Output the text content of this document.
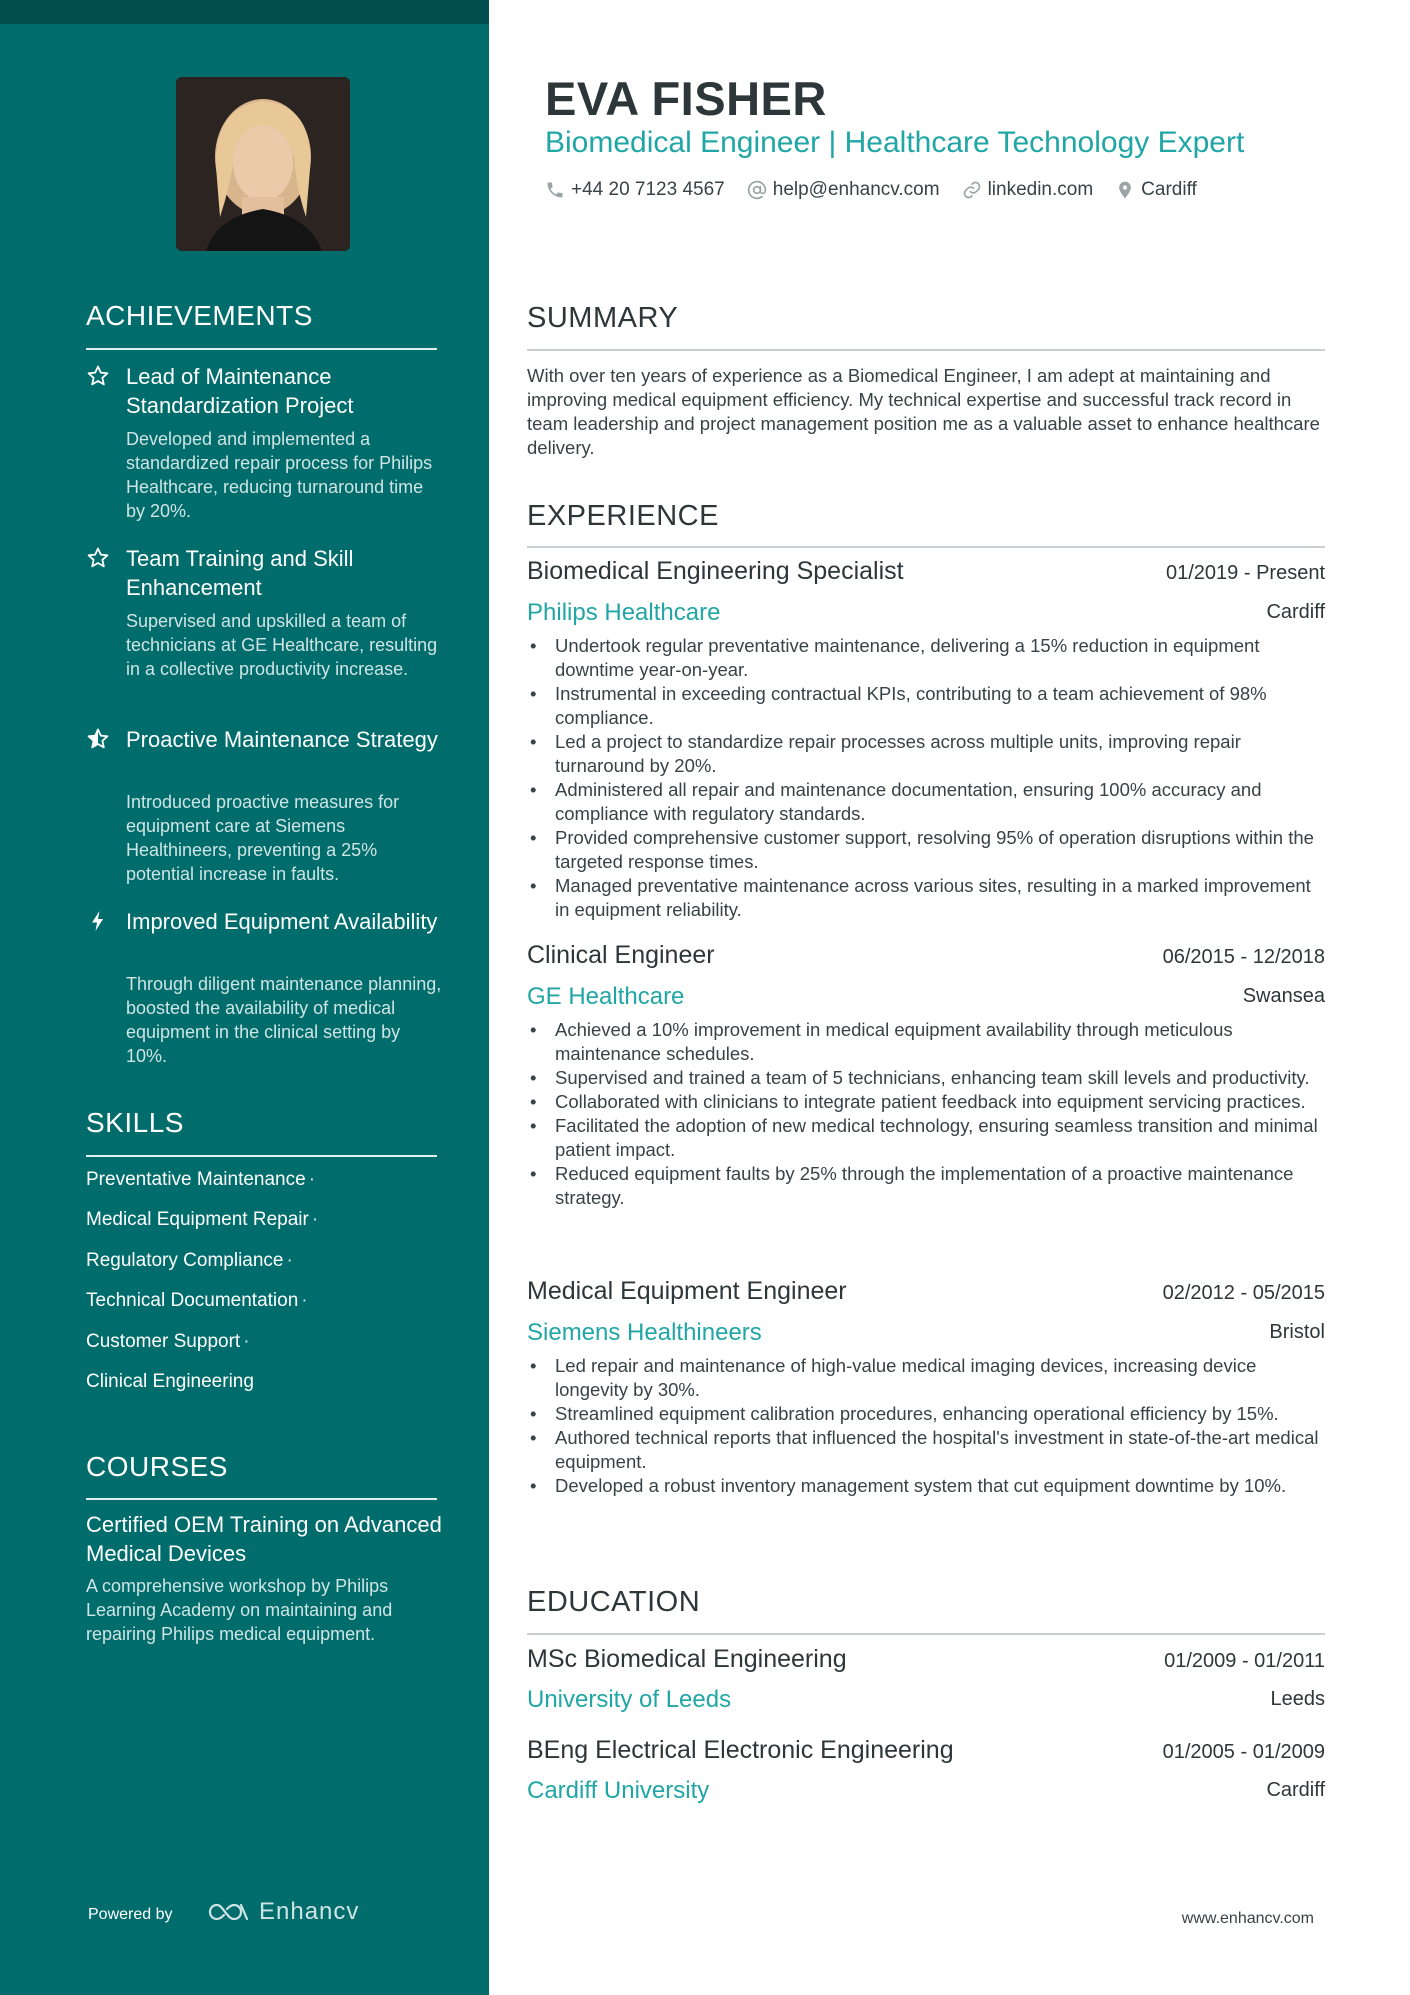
ACHIEVEMENTS
Lead of Maintenance Standardization Project
Developed and implemented a standardized repair process for Philips Healthcare, reducing turnaround time by 20%.
Team Training and Skill Enhancement
Supervised and upskilled a team of technicians at GE Healthcare, resulting in a collective productivity increase.
Proactive Maintenance Strategy
Introduced proactive measures for equipment care at Siemens Healthineers, preventing a 25% potential increase in faults.
Improved Equipment Availability
Through diligent maintenance planning, boosted the availability of medical equipment in the clinical setting by 10%.
SKILLS
Preventative Maintenance ·
Medical Equipment Repair ·
Regulatory Compliance ·
Technical Documentation ·
Customer Support ·
Clinical Engineering
COURSES
Certified OEM Training on Advanced Medical Devices
A comprehensive workshop by Philips Learning Academy on maintaining and repairing Philips medical equipment.
Powered by	Enhancv
EVA FISHER
Biomedical Engineer | Healthcare Technology Expert
+44 20 7123 4567	help@enhancv.com	linkedin.com	Cardiff
SUMMARY
With over ten years of experience as a Biomedical Engineer, I am adept at maintaining and improving medical equipment efficiency. My technical expertise and successful track record in team leadership and project management position me as a valuable asset to enhance healthcare delivery.
EXPERIENCE
Biomedical Engineering Specialist	01/2019 - Present
Philips Healthcare	Cardiff
• Undertook regular preventative maintenance, delivering a 15% reduction in equipment downtime year-on-year.
• Instrumental in exceeding contractual KPIs, contributing to a team achievement of 98% compliance.
• Led a project to standardize repair processes across multiple units, improving repair turnaround by 20%.
• Administered all repair and maintenance documentation, ensuring 100% accuracy and compliance with regulatory standards.
• Provided comprehensive customer support, resolving 95% of operation disruptions within the targeted response times.
• Managed preventative maintenance across various sites, resulting in a marked improvement in equipment reliability.
Clinical Engineer	06/2015 - 12/2018
GE Healthcare	Swansea
• Achieved a 10% improvement in medical equipment availability through meticulous maintenance schedules.
• Supervised and trained a team of 5 technicians, enhancing team skill levels and productivity.
• Collaborated with clinicians to integrate patient feedback into equipment servicing practices.
• Facilitated the adoption of new medical technology, ensuring seamless transition and minimal patient impact.
• Reduced equipment faults by 25% through the implementation of a proactive maintenance strategy.
Medical Equipment Engineer	02/2012 - 05/2015
Siemens Healthineers	Bristol
• Led repair and maintenance of high-value medical imaging devices, increasing device longevity by 30%.
• Streamlined equipment calibration procedures, enhancing operational efficiency by 15%.
• Authored technical reports that influenced the hospital's investment in state-of-the-art medical equipment.
• Developed a robust inventory management system that cut equipment downtime by 10%.
EDUCATION
MSc Biomedical Engineering	01/2009 - 01/2011
University of Leeds	Leeds
BEng Electrical Electronic Engineering	01/2005 - 01/2009
Cardiff University	Cardiff
www.enhancv.com
